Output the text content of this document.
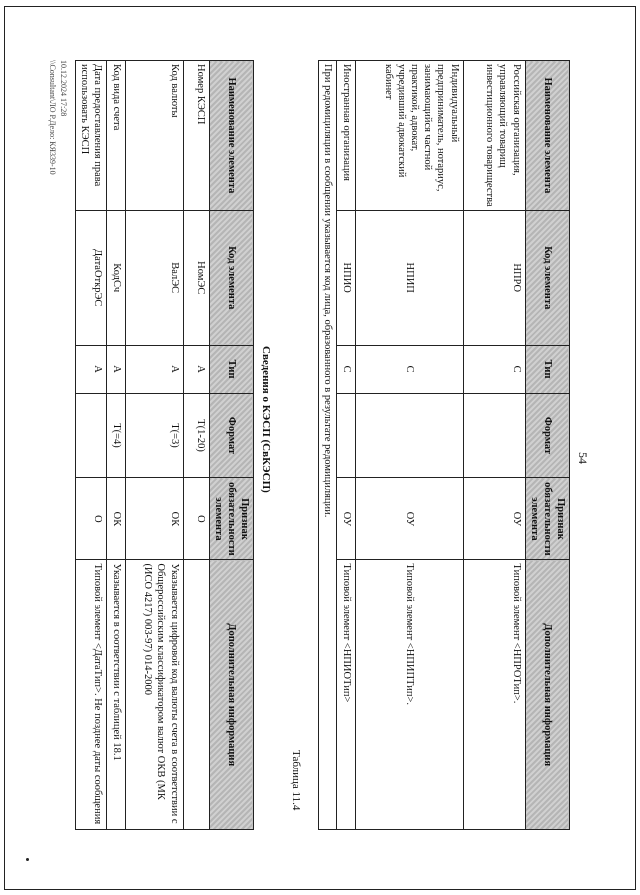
54
Наименование элемента	Код элемента	Тип	Формат	Признак обязательности элемента	Дополнительная информация
Российская организация, управляющий товарищ инвестиционного товарищества	НПРО	С		ОУ	Типовой элемент <НПРОТип>.
Индивидуальный предприниматель, нотариус, занимающийся частной практикой, адвокат, учредивший адвокатский кабинет	НПИП	С		ОУ	Типовой элемент <НПИПТип>.
Иностранная организация	НПИО	С		ОУ	Типовой элемент <НПИОТип>
При редомициляции в сообщении указывается код лица, образованного в результате редомициляции.					
Таблица 11.4
Сведения о КЭСП (СвКЭСП)
Наименование элемента	Код элемента	Тип	Формат	Признак обязательности элемента	Дополнительная информация
Номер КЭСП	НомЭС	А	T(1-20)	О	
Код валюты	ВалЭС	А	T(=3)	ОК	Указывается цифровой код валюты счета в соответствии с Общероссийским классификатором валют ОКВ (МК (ИСО 4217) 003-97) 014-2000
Код вида счета	КодСч	А	T(=4)	ОК	Указывается в соответствии с таблицей 18.1
Дата предоставления права использовать КЭСП	ДатаОткрЭС	А		О	Типовой элемент <ДатаТип>. Не позднее даты сообщения
10.12.2024 17:28
\\Consultant\ЛО Р.Дело: КЯ339-10
